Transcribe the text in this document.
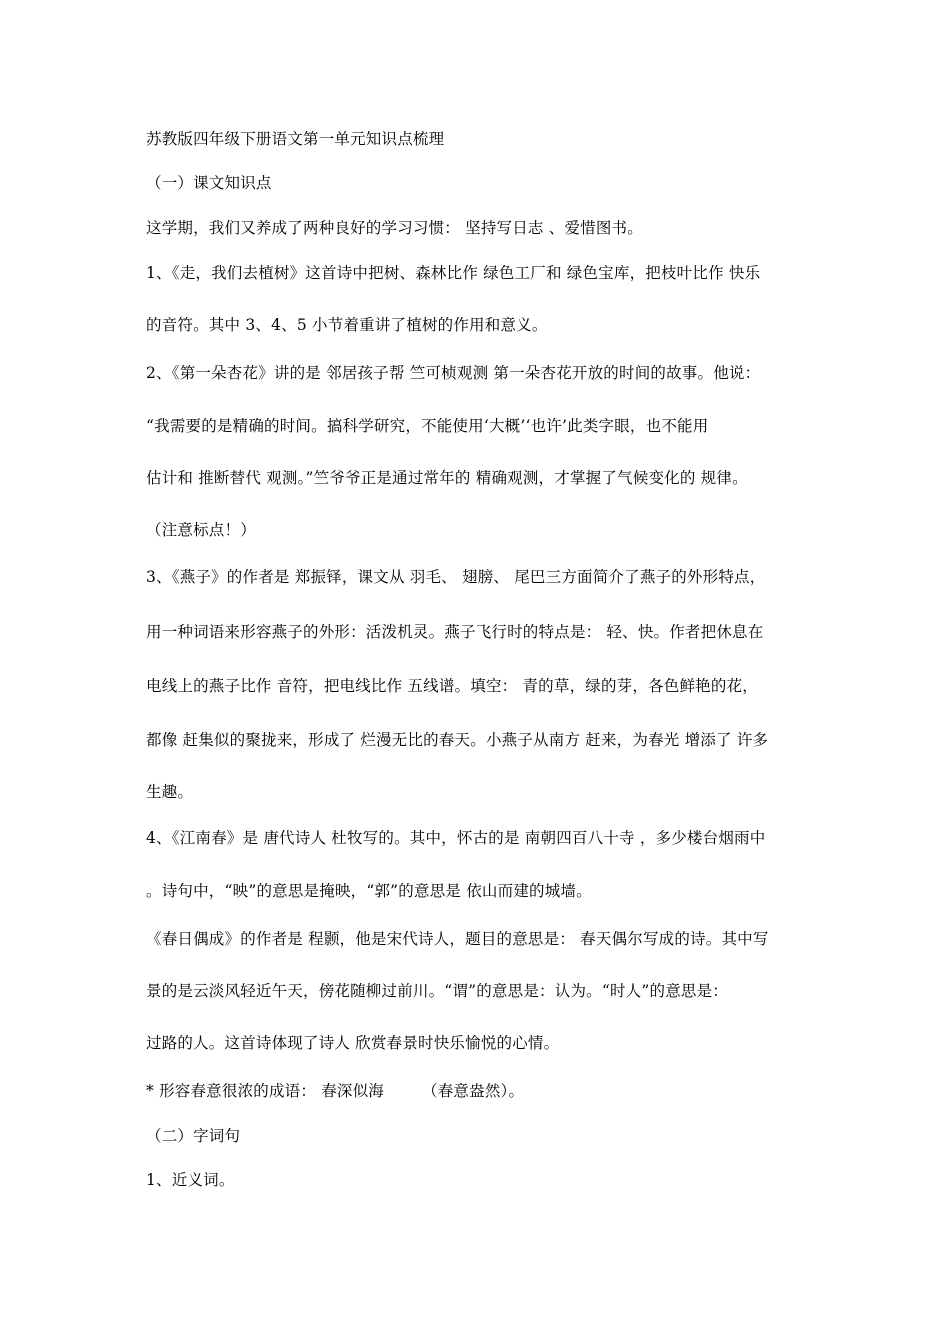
苏教版四年级下册语文第一单元知识点梳理
（一）课文知识点
这学期，我们又养成了两种良好的学习习惯： 坚持写日志 、爱惜图书。
1、《走，我们去植树》这首诗中把树、森林比作 绿色工厂和 绿色宝库，把枝叶比作 快乐
的音符。其中 3、4、5 小节着重讲了植树的作用和意义。
2、《第一朵杏花》讲的是 邻居孩子帮 竺可桢观测 第一朵杏花开放的时间的故事。他说：
“我需要的是精确的时间。搞科学研究，不能使用‘大概’‘也许’此类字眼，也不能用
估计和 推断替代 观测。”竺爷爷正是通过常年的 精确观测，才掌握了气候变化的 规律。
（注意标点！）
3、《燕子》的作者是 郑振铎，课文从 羽毛、 翅膀、 尾巴三方面简介了燕子的外形特点，
用一种词语来形容燕子的外形：活泼机灵。燕子飞行时的特点是： 轻、快。作者把休息在
电线上的燕子比作 音符，把电线比作 五线谱。填空： 青的草，绿的芽，各色鲜艳的花，
都像 赶集似的聚拢来，形成了 烂漫无比的春天。小燕子从南方 赶来，为春光 增添了 许多
生趣。
4、《江南春》是 唐代诗人 杜牧写的。其中，怀古的是 南朝四百八十寺 ，多少楼台烟雨中
。诗句中，“映”的意思是掩映，“郭”的意思是 依山而建的城墙。
《春日偶成》的作者是 程颢，他是宋代诗人，题目的意思是： 春天偶尔写成的诗。其中写
景的是云淡风轻近午天，傍花随柳过前川。“谓”的意思是：认为。“时人”的意思是：
过路的人。这首诗体现了诗人 欣赏春景时快乐愉悦的心情。
* 形容春意很浓的成语： 春深似海 （春意盎然）。
（二）字词句
1、近义词。
